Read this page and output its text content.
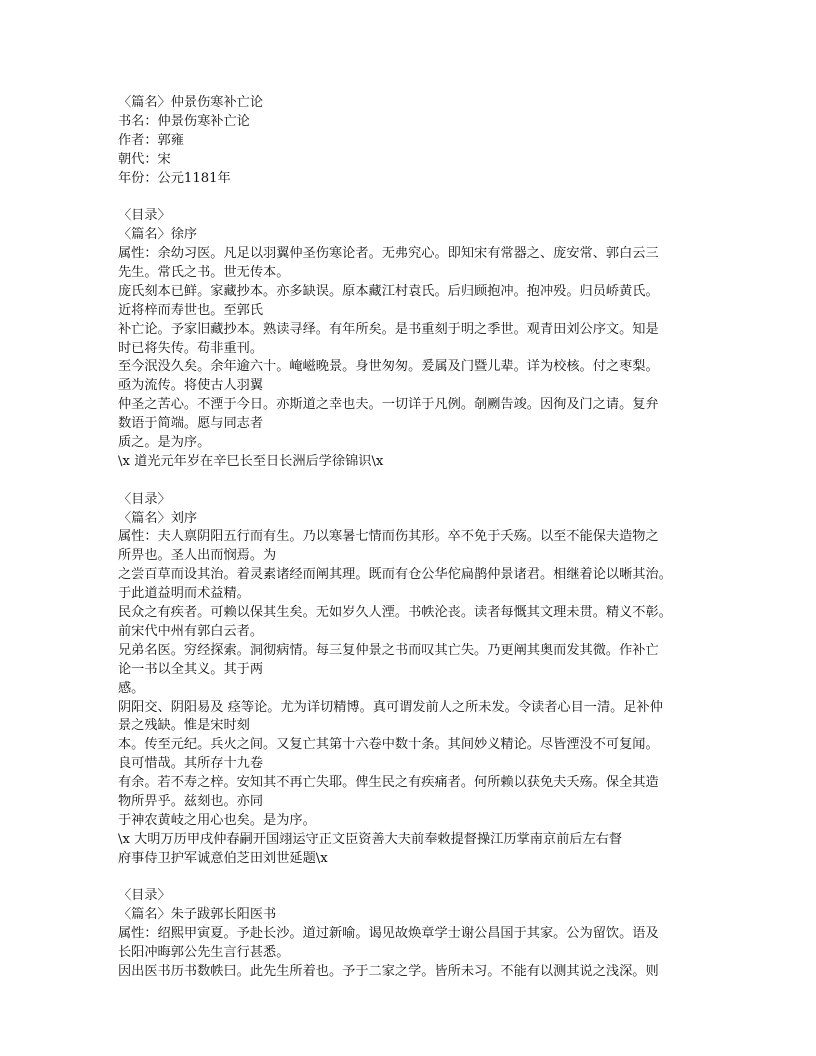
〈篇名〉仲景伤寒补亡论
书名：仲景伤寒补亡论
作者：郭雍
朝代：宋
年份：公元1181年
〈目录〉
〈篇名〉徐序
属性：余幼习医。凡足以羽翼仲圣伤寒论者。无弗究心。即知宋有常器之、庞安常、郭白云三
先生。常氏之书。世无传本。
庞氏刻本已鲜。家藏抄本。亦多缺误。原本藏江村袁氏。后归顾抱冲。抱冲殁。归员峤黄氏。
近将梓而寿世也。至郭氏
补亡论。予家旧藏抄本。熟读寻绎。有年所矣。是书重刻于明之季世。观青田刘公序文。知是
时已将失传。苟非重刊。
至今泯没久矣。余年逾六十。崦嵫晚景。身世匆匆。爰属及门暨儿辈。详为校核。付之枣梨。
亟为流传。将使古人羽翼
仲圣之苦心。不湮于今日。亦斯道之幸也夫。一切详于凡例。剞劂告竣。因徇及门之请。复弁
数语于简端。愿与同志者
质之。是为序。
\x 道光元年岁在辛巳长至日长洲后学徐锦识\x
〈目录〉
〈篇名〉刘序
属性：夫人禀阴阳五行而有生。乃以寒暑七情而伤其形。卒不免于夭殇。以至不能保夫造物之
所畀也。圣人出而悯焉。为
之尝百草而设其治。着灵素诸经而阐其理。既而有仓公华佗扁鹊仲景诸君。相继着论以晰其治。
于此道益明而术益精。
民众之有疾者。可赖以保其生矣。无如岁久人湮。书帙沦丧。读者每慨其文理未贯。精义不彰。
前宋代中州有郭白云者。
兄弟名医。穷经探索。洞彻病情。每三复仲景之书而叹其亡失。乃更阐其奥而发其微。作补亡
论一书以全其义。其于两
感。
阴阳交、阴阳易及 痉等论。尤为详切精博。真可谓发前人之所未发。令读者心目一清。足补仲
景之残缺。惟是宋时刻
本。传至元纪。兵火之间。又复亡其第十六卷中数十条。其间妙义精论。尽皆湮没不可复闻。
良可惜哉。其所存十九卷
有余。若不寿之梓。安知其不再亡失耶。俾生民之有疾痛者。何所赖以获免夫夭殇。保全其造
物所畀乎。兹刻也。亦同
于神农黄岐之用心也矣。是为序。
\x 大明万历甲戌仲春嗣开国翊运守正文臣资善大夫前奉敕提督操江历掌南京前后左右督
府事侍卫护军诚意伯芝田刘世延题\x
〈目录〉
〈篇名〉朱子跋郭长阳医书
属性：绍熙甲寅夏。予赴长沙。道过新喻。谒见故焕章学士谢公昌国于其家。公为留饮。语及
长阳冲晦郭公先生言行甚悉。
因出医书历书数帙曰。此先生所着也。予于二家之学。皆所未习。不能有以测其说之浅深。则
